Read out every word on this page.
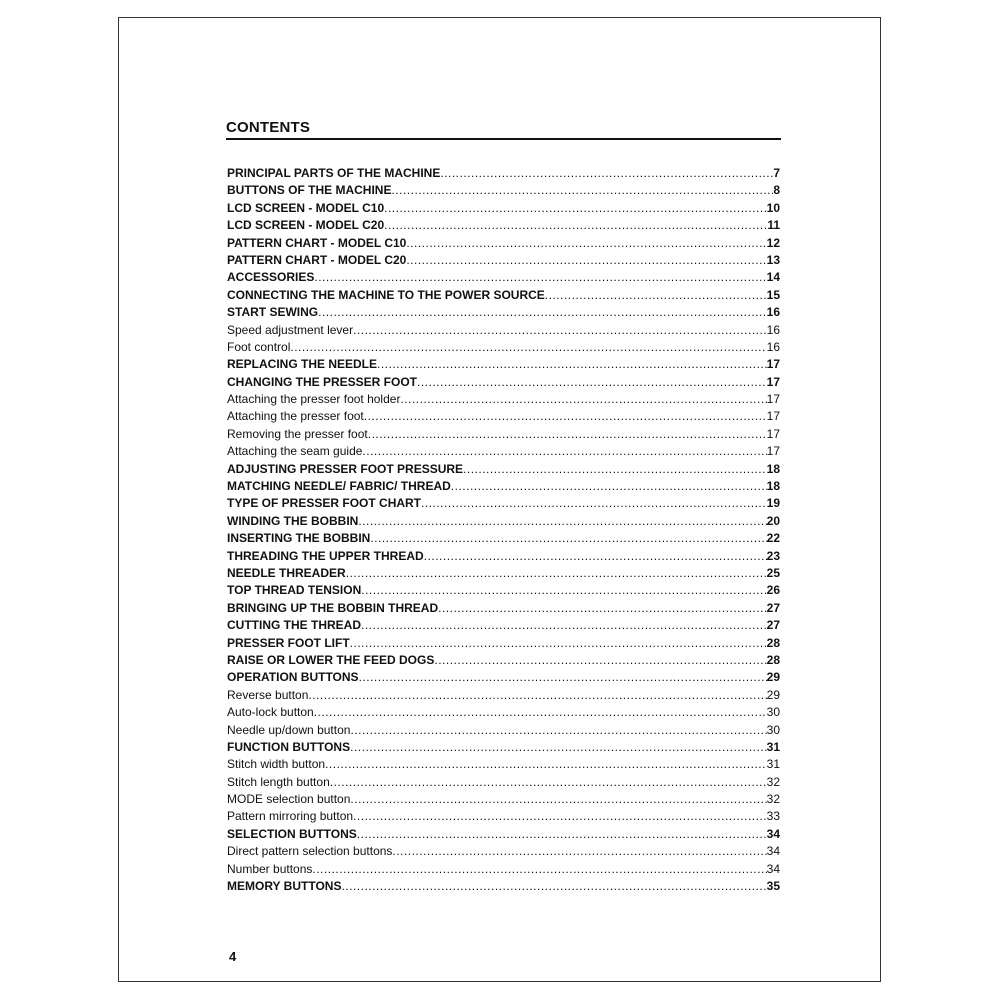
CONTENTS
PRINCIPAL PARTS OF THE MACHINE .....	7
BUTTONS OF THE MACHINE .....	8
LCD SCREEN - MODEL C10 .....	10
LCD SCREEN - MODEL C20 .....	11
PATTERN CHART - MODEL C10 .....	12
PATTERN CHART - MODEL C20 .....	13
ACCESSORIES .....	14
CONNECTING THE MACHINE TO THE POWER SOURCE .....	15
START SEWING .....	16
Speed adjustment lever .....	16
Foot control .....	16
REPLACING THE NEEDLE .....	17
CHANGING THE PRESSER FOOT .....	17
Attaching the presser foot holder .....	17
Attaching the presser foot .....	17
Removing the presser foot .....	17
Attaching the seam guide .....	17
ADJUSTING PRESSER FOOT PRESSURE .....	18
MATCHING NEEDLE/ FABRIC/ THREAD .....	18
TYPE OF PRESSER FOOT CHART .....	19
WINDING THE BOBBIN .....	20
INSERTING THE BOBBIN .....	22
THREADING THE UPPER THREAD .....	23
NEEDLE THREADER .....	25
TOP THREAD TENSION .....	26
BRINGING UP THE BOBBIN THREAD .....	27
CUTTING THE THREAD .....	27
PRESSER FOOT LIFT .....	28
RAISE OR LOWER THE FEED DOGS .....	28
OPERATION BUTTONS .....	29
Reverse button .....	29
Auto-lock button .....	30
Needle up/down button .....	30
FUNCTION BUTTONS .....	31
Stitch width button .....	31
Stitch length button .....	32
MODE selection button .....	32
Pattern mirroring button .....	33
SELECTION BUTTONS .....	34
Direct pattern selection buttons .....	34
Number buttons .....	34
MEMORY BUTTONS .....	35
4
